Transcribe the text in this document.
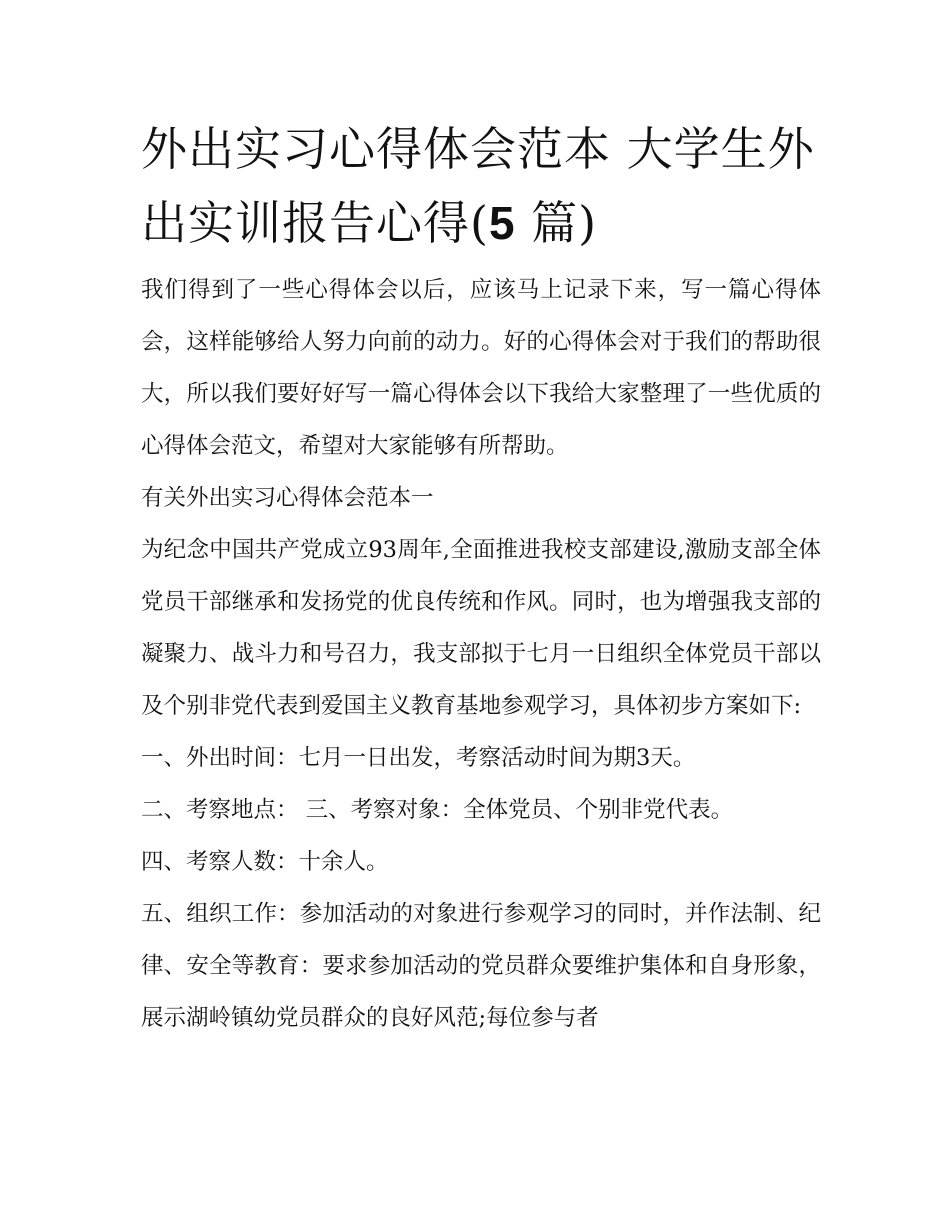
外出实习心得体会范本 大学生外出实训报告心得(5 篇)

我们得到了一些心得体会以后，应该马上记录下来，写一篇心得体会，这样能够给人努力向前的动力。好的心得体会对于我们的帮助很大，所以我们要好好写一篇心得体会以下我给大家整理了一些优质的心得体会范文，希望对大家能够有所帮助。

有关外出实习心得体会范本一

为纪念中国共产党成立93周年,全面推进我校支部建设,激励支部全体党员干部继承和发扬党的优良传统和作风。同时，也为增强我支部的凝聚力、战斗力和号召力，我支部拟于七月一日组织全体党员干部以及个别非党代表到爱国主义教育基地参观学习，具体初步方案如下:

一、外出时间：七月一日出发，考察活动时间为期3天。

二、考察地点： 三、考察对象：全体党员、个别非党代表。

四、考察人数：十余人。

五、组织工作：参加活动的对象进行参观学习的同时，并作法制、纪律、安全等教育：要求参加活动的党员群众要维护集体和自身形象，展示湖岭镇幼党员群众的良好风范;每位参与者
